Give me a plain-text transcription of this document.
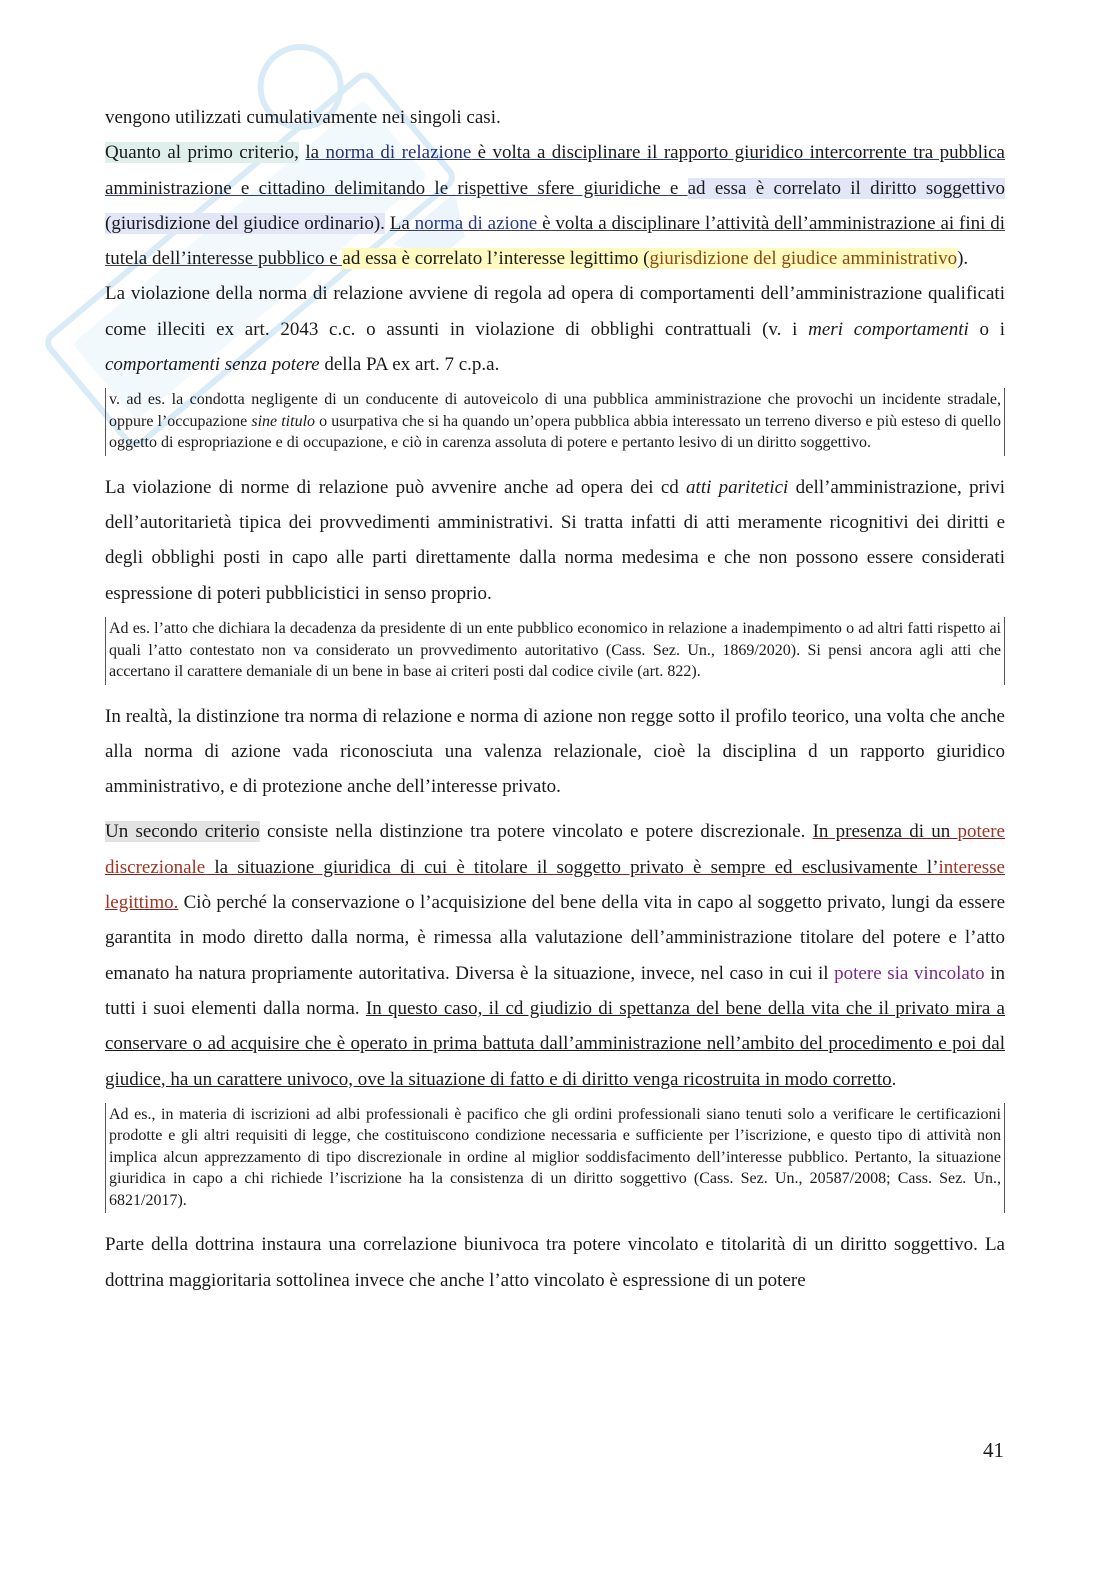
vengono utilizzati cumulativamente nei singoli casi.

Quanto al primo criterio, la norma di relazione è volta a disciplinare il rapporto giuridico intercorrente tra pubblica amministrazione e cittadino delimitando le rispettive sfere giuridiche e ad essa è correlato il diritto soggettivo (giurisdizione del giudice ordinario). La norma di azione è volta a disciplinare l’attività dell’amministrazione ai fini di tutela dell’interesse pubblico e ad essa è correlato l’interesse legittimo (giurisdizione del giudice amministrativo).

La violazione della norma di relazione avviene di regola ad opera di comportamenti dell’amministrazione qualificati come illeciti ex art. 2043 c.c. o assunti in violazione di obblighi contrattuali (v. i meri comportamenti o i comportamenti senza potere della PA ex art. 7 c.p.a.

v. ad es. la condotta negligente di un conducente di autoveicolo di una pubblica amministrazione che provochi un incidente stradale, oppure l’occupazione sine titulo o usurpativa che si ha quando un’opera pubblica abbia interessato un terreno diverso e più esteso di quello oggetto di espropriazione e di occupazione, e ciò in carenza assoluta di potere e pertanto lesivo di un diritto soggettivo.

La violazione di norme di relazione può avvenire anche ad opera dei cd atti paritetici dell’amministrazione, privi dell’autoritarietà tipica dei provvedimenti amministrativi. Si tratta infatti di atti meramente ricognitivi dei diritti e degli obblighi posti in capo alle parti direttamente dalla norma medesima e che non possono essere considerati espressione di poteri pubblicistici in senso proprio.

Ad es. l’atto che dichiara la decadenza da presidente di un ente pubblico economico in relazione a inadempimento o ad altri fatti rispetto ai quali l’atto contestato non va considerato un provvedimento autoritativo (Cass. Sez. Un., 1869/2020). Si pensi ancora agli atti che accertano il carattere demaniale di un bene in base ai criteri posti dal codice civile (art. 822).

In realtà, la distinzione tra norma di relazione e norma di azione non regge sotto il profilo teorico, una volta che anche alla norma di azione vada riconosciuta una valenza relazionale, cioè la disciplina d un rapporto giuridico amministrativo, e di protezione anche dell’interesse privato.

Un secondo criterio consiste nella distinzione tra potere vincolato e potere discrezionale. In presenza di un potere discrezionale la situazione giuridica di cui è titolare il soggetto privato è sempre ed esclusivamente l’interesse legittimo. Ciò perché la conservazione o l’acquisizione del bene della vita in capo al soggetto privato, lungi da essere garantita in modo diretto dalla norma, è rimessa alla valutazione dell’amministrazione titolare del potere e l’atto emanato ha natura propriamente autoritativa. Diversa è la situazione, invece, nel caso in cui il potere sia vincolato in tutti i suoi elementi dalla norma. In questo caso, il cd giudizio di spettanza del bene della vita che il privato mira a conservare o ad acquisire che è operato in prima battuta dall’amministrazione nell’ambito del procedimento e poi dal giudice, ha un carattere univoco, ove la situazione di fatto e di diritto venga ricostruita in modo corretto.

Ad es., in materia di iscrizioni ad albi professionali è pacifico che gli ordini professionali siano tenuti solo a verificare le certificazioni prodotte e gli altri requisiti di legge, che costituiscono condizione necessaria e sufficiente per l’iscrizione, e questo tipo di attività non implica alcun apprezzamento di tipo discrezionale in ordine al miglior soddisfacimento dell’interesse pubblico. Pertanto, la situazione giuridica in capo a chi richiede l’iscrizione ha la consistenza di un diritto soggettivo (Cass. Sez. Un., 20587/2008; Cass. Sez. Un., 6821/2017).

Parte della dottrina instaura una correlazione biunivoca tra potere vincolato e titolarità di un diritto soggettivo. La dottrina maggioritaria sottolinea invece che anche l’atto vincolato è espressione di un potere

41
